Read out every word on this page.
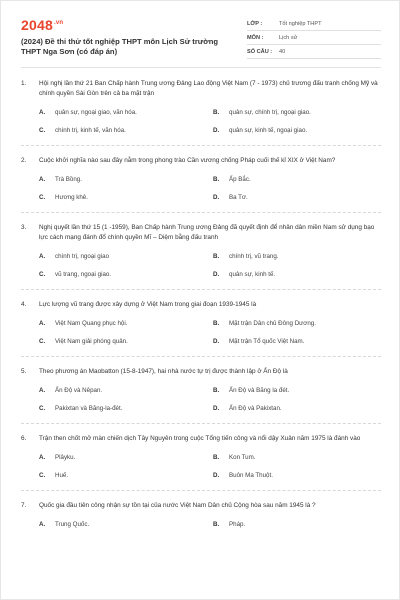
$2048^{.vn}$
(2024) Đề thi thử tốt nghiệp THPT môn Lịch Sử trường THPT Nga Sơn (có đáp án)
LỚP :	Tốt nghiệp THPT
MÔN :	Lịch sử
SỐ CÂU :	40
1.	Hội nghị lần thứ 21 Ban Chấp hành Trung ương Đảng Lao động Việt Nam (7 - 1973) chủ trương đấu tranh chống Mỹ và chính quyền Sài Gòn trên cả ba mặt trận
A.	quân sự, ngoại giao, văn hóa.	B.	quân sự, chính trị, ngoại giao.
C.	chính trị, kinh tế, văn hóa.	D.	quân sự, kinh tế, ngoại giao.
2.	Cuộc khởi nghĩa nào sau đây nằm trong phong trào Cần vương chống Pháp cuối thế kỉ XIX ở Việt Nam?
A.	Trà Bồng.	B.	Ấp Bắc.
C.	Hương khê.	D.	Ba Tơ.
3.	Nghị quyết lần thứ 15 (1 -1959), Ban Chấp hành Trung ương Đảng đã quyết định để nhân dân miền Nam sử dụng bạo lực cách mạng đánh đổ chính quyền Mĩ – Diệm bằng đấu tranh
A.	chính trị, ngoại giao	B.	chính trị, vũ trang.
C.	vũ trang, ngoại giao.	D.	quân sự, kinh tế.
4.	Lực lượng vũ trang được xây dựng ở Việt Nam trong giai đoạn 1939-1945 là
A.	Việt Nam Quang phục hội.	B.	Mặt trận Dân chủ Đông Dương.
C.	Việt Nam giải phóng quân.	D.	Mặt trận Tổ quốc Việt Nam.
5.	Theo phương án Maobatton (15-8-1947), hai nhà nước tự trị được thành lập ở Ấn Độ là
A.	Ấn Độ và Nêpan.	B.	Ấn Độ và Băng la đét.
C.	Pakixtan và Băng-la-đét.	D.	Ấn Độ và Pakixtan.
6.	Trận then chốt mở màn chiến dịch Tây Nguyên trong cuộc Tổng tiến công và nổi dậy Xuân năm 1975 là đánh vào
A.	Plâyku.	B.	Kon Tum.
C.	Huế.	D.	Buôn Ma Thuột.
7.	Quốc gia đầu tiên công nhận sự tồn tại của nước Việt Nam Dân chủ Cộng hòa sau năm 1945 là ?
A.	Trung Quốc.	B.	Pháp.
